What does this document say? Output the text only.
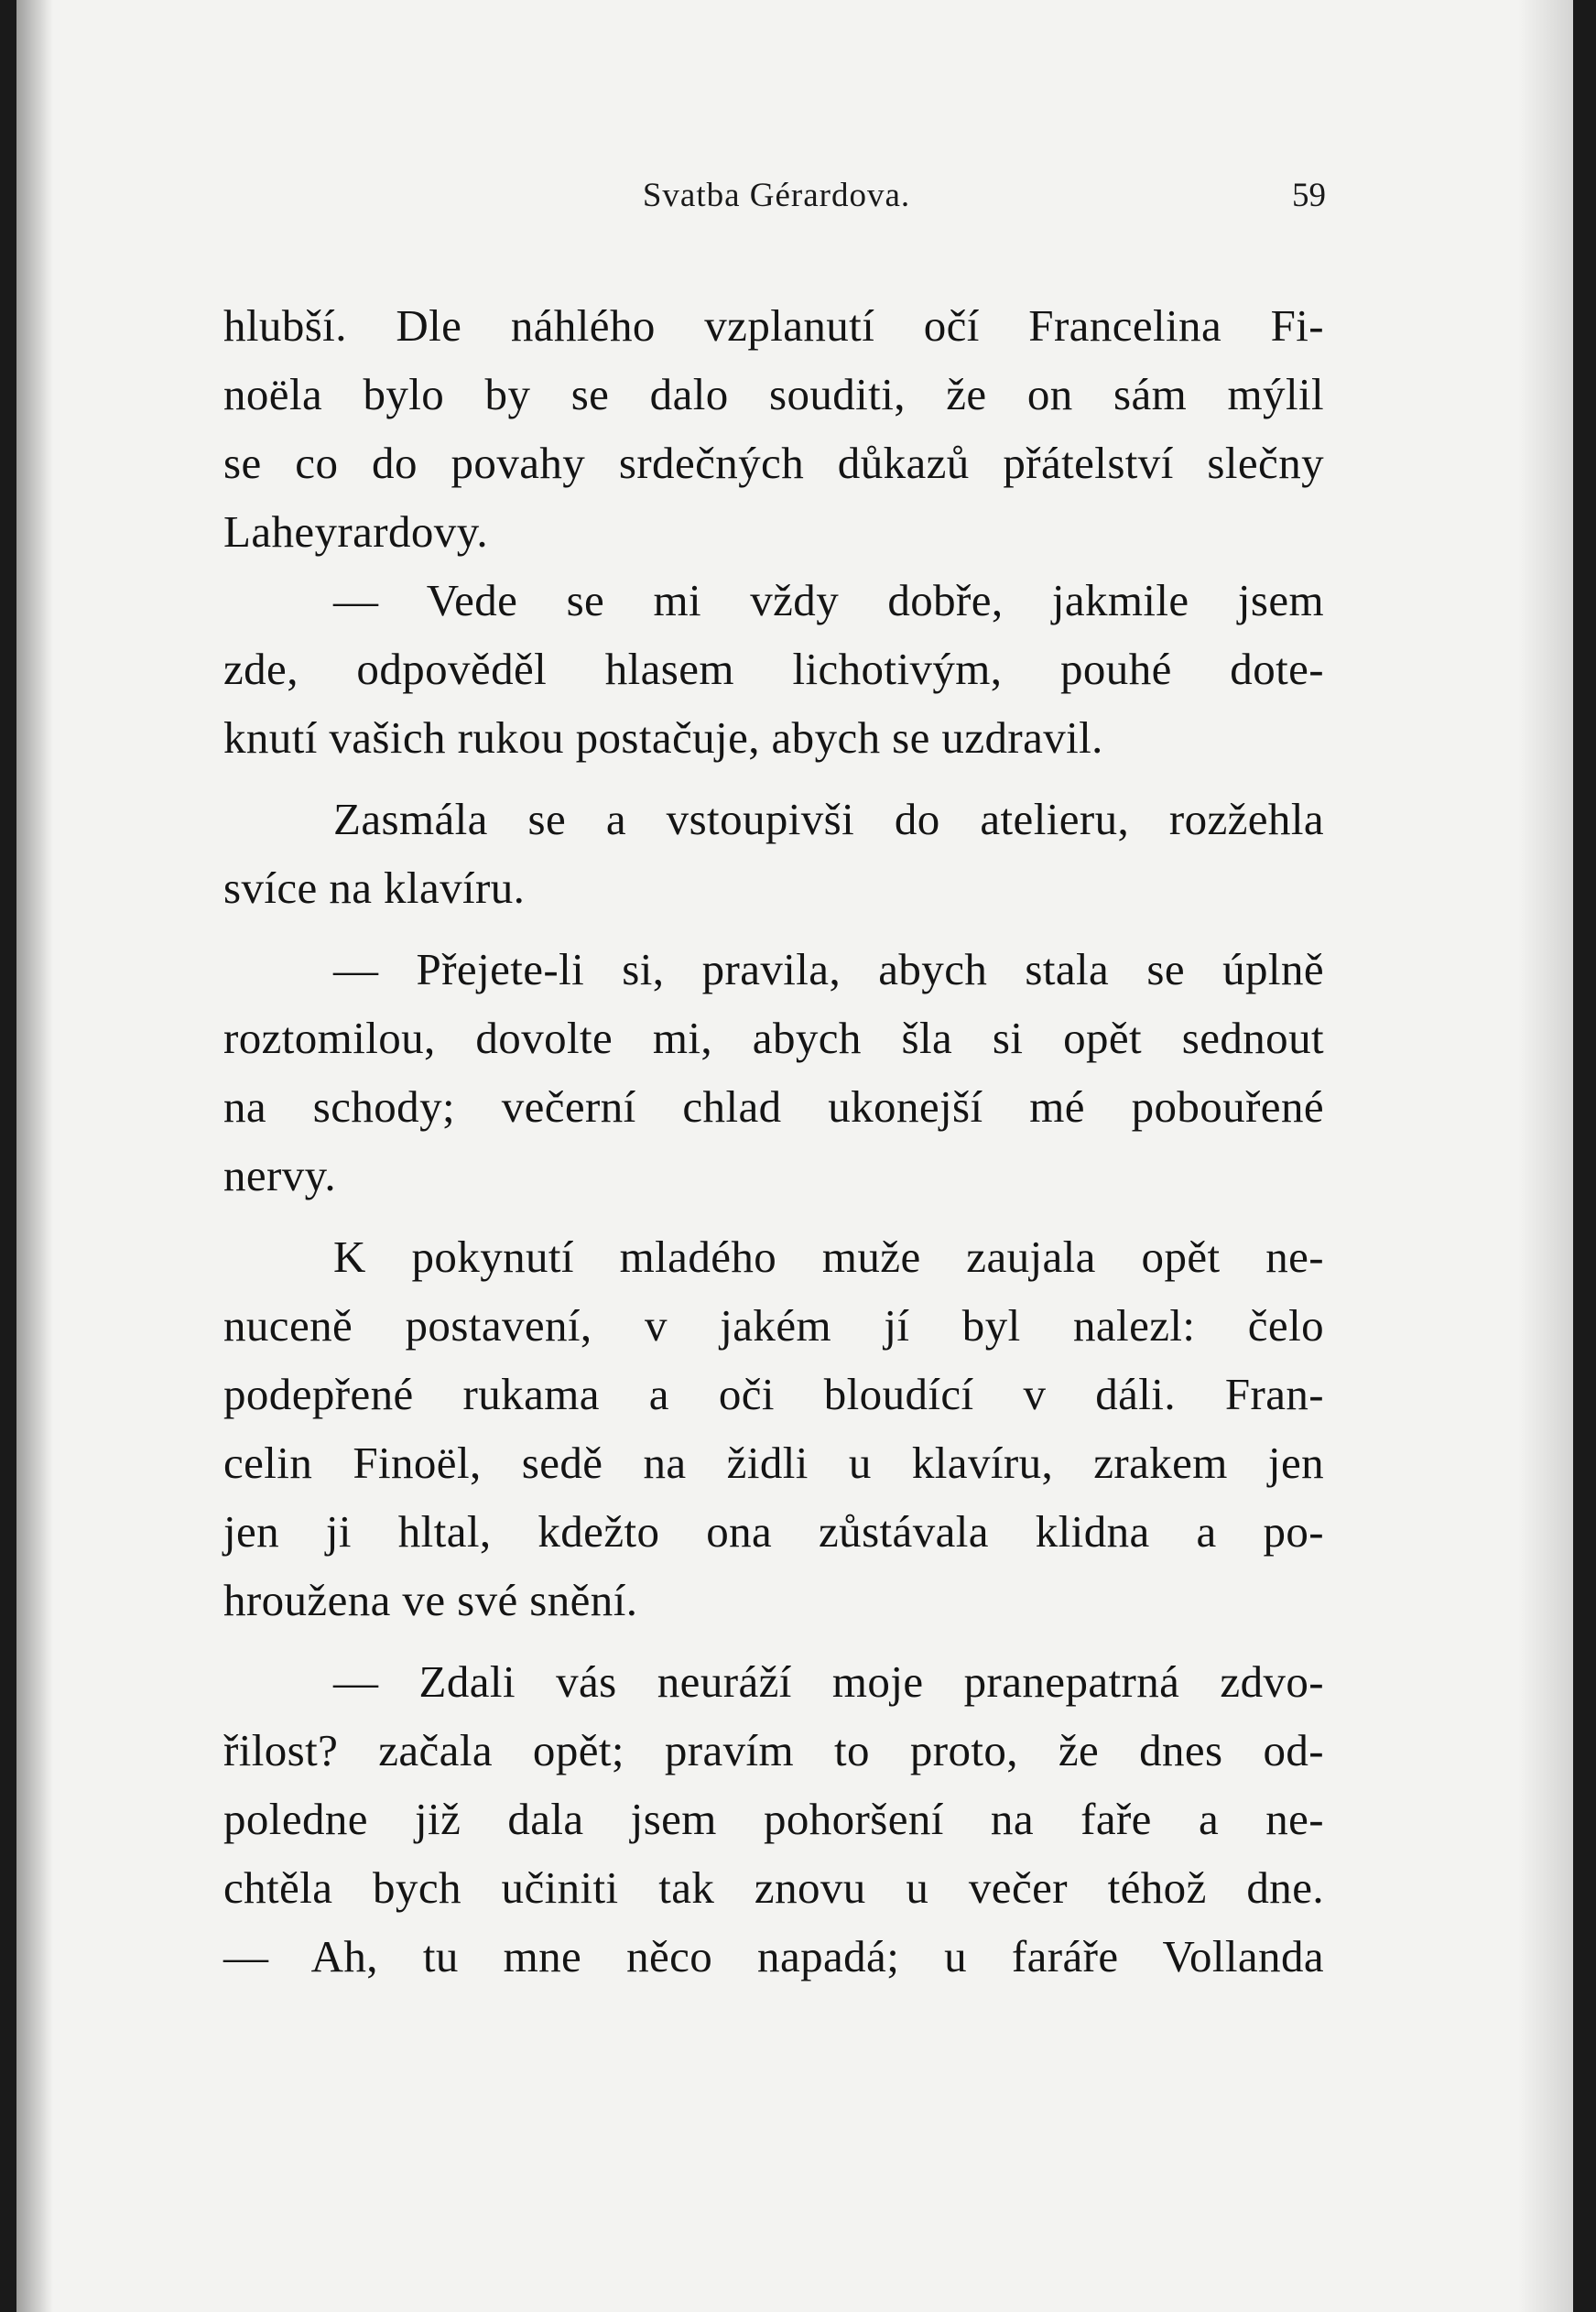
Svatba Gérardova.	59
hlubší. Dle náhlého vzplanutí očí Francelina Fi-
noëla bylo by se dalo souditi, že on sám mýlil
se co do povahy srdečných důkazů přátelství slečny
Laheyrardovy.
— Vede se mi vždy dobře, jakmile jsem
zde, odpověděl hlasem lichotivým, pouhé dote-
knutí vašich rukou postačuje, abych se uzdravil.
Zasmála se a vstoupivši do atelieru, rozžehla
svíce na klavíru.
— Přejete-li si, pravila, abych stala se úplně
roztomilou, dovolte mi, abych šla si opět sednout
na schody; večerní chlad ukonejší mé pobouřené
nervy.
K pokynutí mladého muže zaujala opět ne-
nuceně postavení, v jakém jí byl nalezl: čelo
podepřené rukama a oči bloudící v dáli. Fran-
celin Finoël, sedě na židli u klavíru, zrakem jen
jen ji hltal, kdežto ona zůstávala klidna a po-
hroužena ve své snění.
— Zdali vás neuráží moje pranepatrná zdvo-
řilost? začala opět; pravím to proto, že dnes od-
poledne již dala jsem pohoršení na faře a ne-
chtěla bych učiniti tak znovu u večer téhož dne.
— Ah, tu mne něco napadá; u faráře Vollanda
